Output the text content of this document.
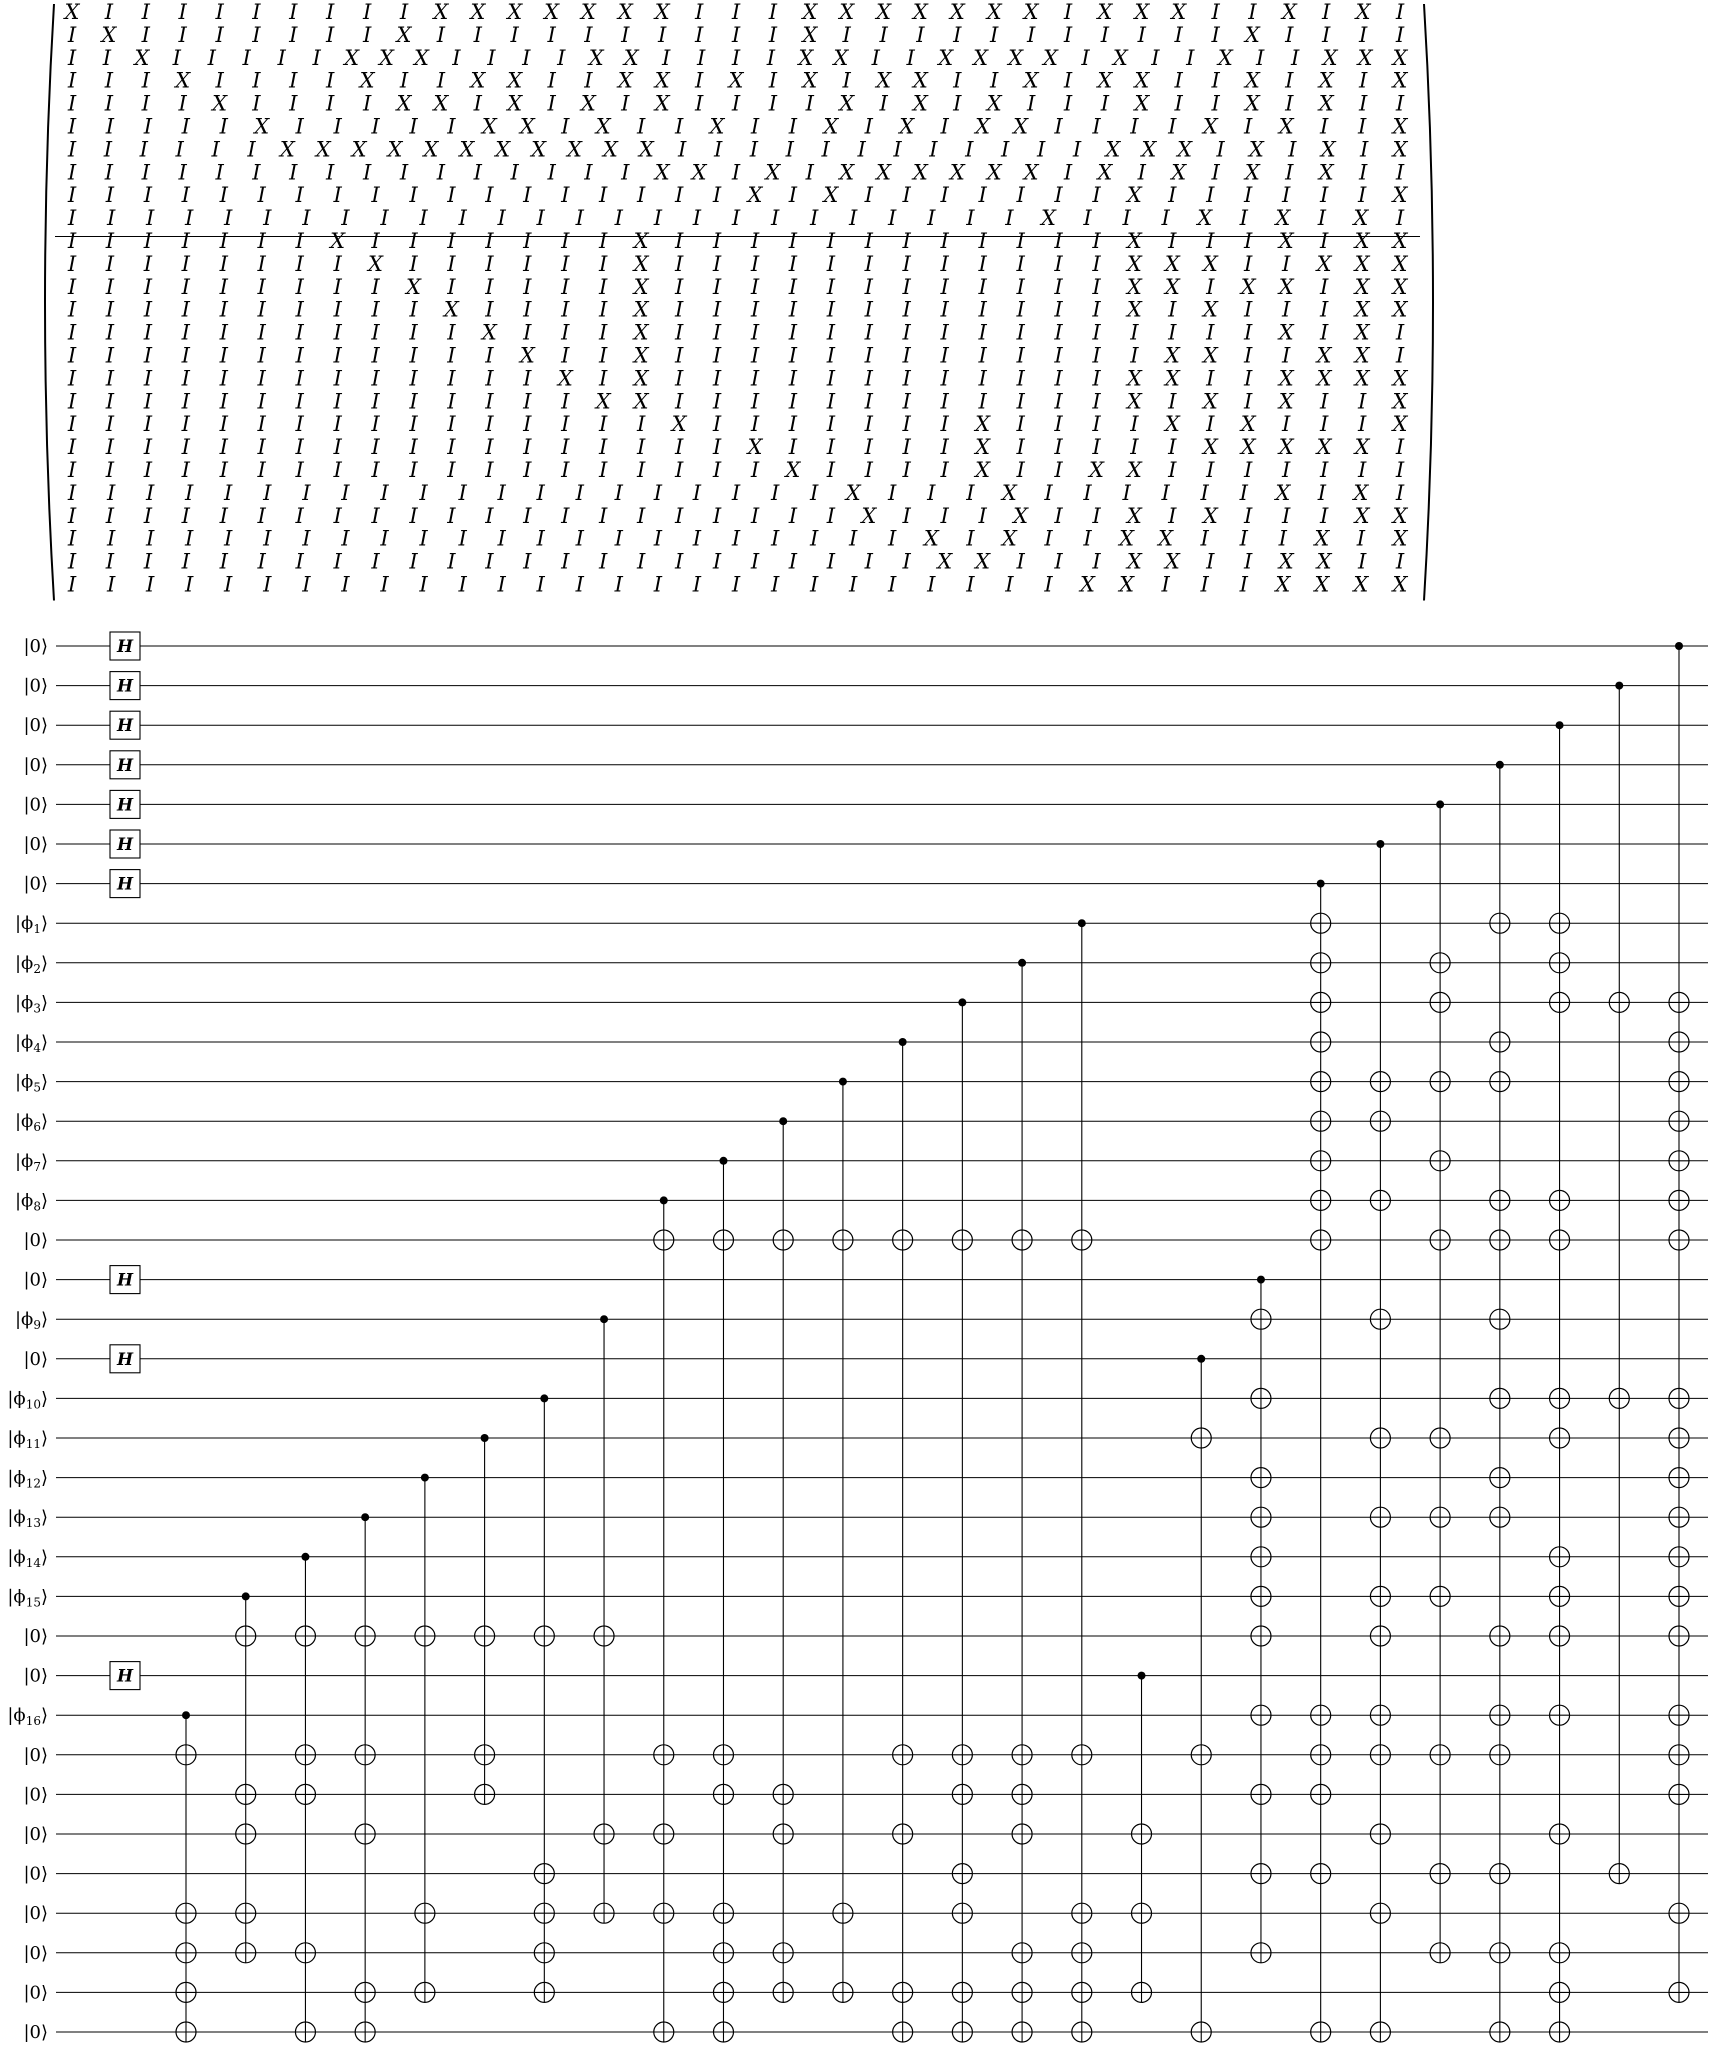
X I I I I I I I I I X X X X X X X I I I X X X X X X X I X X X I I X I X I
I X I I I I I I I X I I I I I I I I I I X I I I I I I I I I I I X I I I I
I I X I I I I I X X X I I I I X X I I I I X X I I X X X X I X I I X I I X X X
I I I X I I I I X I I X X I I X X I X I X I X X I I X I X X I I X I X I X
I I I I X I I I I X X I X I X I X I I I I X I X I X I I I X I I X I X I I
I I I I I X I I I I I X X I X I I X I I X I X I X X I I I I X I X I I X
I I I I I I X X X X X X X X X X X I I I I I I I I I I I I X X X I X I X I X
I I I I I I I I I I I I I I I I X X I X I X X X X X X I X I X I X I X I I
I I I I I I I I I I I I I I I I I I X I X I I I I I I I X I I I I I I X
I I I I I I I I I I I I I I I I I I I I I I I I I X I I I X I X I X I
I I I I I I I X I I I I I I I X I I I I I I I I I I I I X I I I X I X X
I I I I I I I I X I I I I I I X I I I I I I I I I I I I X X X I I X X X
I I I I I I I I I X I I I I I X I I I I I I I I I I I I X X I X X I X X
I I I I I I I I I I X I I I I X I I I I I I I I I I I I X I X I I I X X
I I I I I I I I I I I X I I I X I I I I I I I I I I I I I I I I X I X I
I I I I I I I I I I I I X I I X I I I I I I I I I I I I I X X I I X X I
I I I I I I I I I I I I I X I X I I I I I I I I I I I I X X I I X X X X
I I I I I I I I I I I I I I X X I I I I I I I I I I I I X I X I X I I X
I I I I I I I I I I I I I I I I X I I I I I I I X I I I I X I X I I I X
I I I I I I I I I I I I I I I I I I X I I I I I X I I I I I X X X X X I
I I I I I I I I I I I I I I I I I I I X I I I I X I I X X I I I I I I I
I I I I I I I I I I I I I I I I I I I I X I I I X I I I I I I X I X I
I I I I I I I I I I I I I I I I I I I I I X I I I X I I X I X I I I X X
I I I I I I I I I I I I I I I I I I I I I I X I X I I X X I I I X I X
I I I I I I I I I I I I I I I I I I I I I I I X X I I I X X I I X X I I
I I I I I I I I I I I I I I I I I I I I I I I I I I X X I I I X X X X
|0⟩
|0⟩
|0⟩
|0⟩
|0⟩
|0⟩
|0⟩
$|\phi_1⟩$
$|\phi_2⟩$
$|\phi_3⟩$
$|\phi_4⟩$
$|\phi_5⟩$
$|\phi_6⟩$
$|\phi_7⟩$
$|\phi_8⟩$
|0⟩
|0⟩
$|\phi_9⟩$
|0⟩
$|\phi_{10}⟩$
$|\phi_{11}⟩$
$|\phi_{12}⟩$
$|\phi_{13}⟩$
$|\phi_{14}⟩$
$|\phi_{15}⟩$
|0⟩
|0⟩
$|\phi_{16}⟩$
|0⟩
|0⟩
|0⟩
|0⟩
|0⟩
|0⟩
|0⟩
|0⟩
H
H
H
H
H
H
H
H
H
H
